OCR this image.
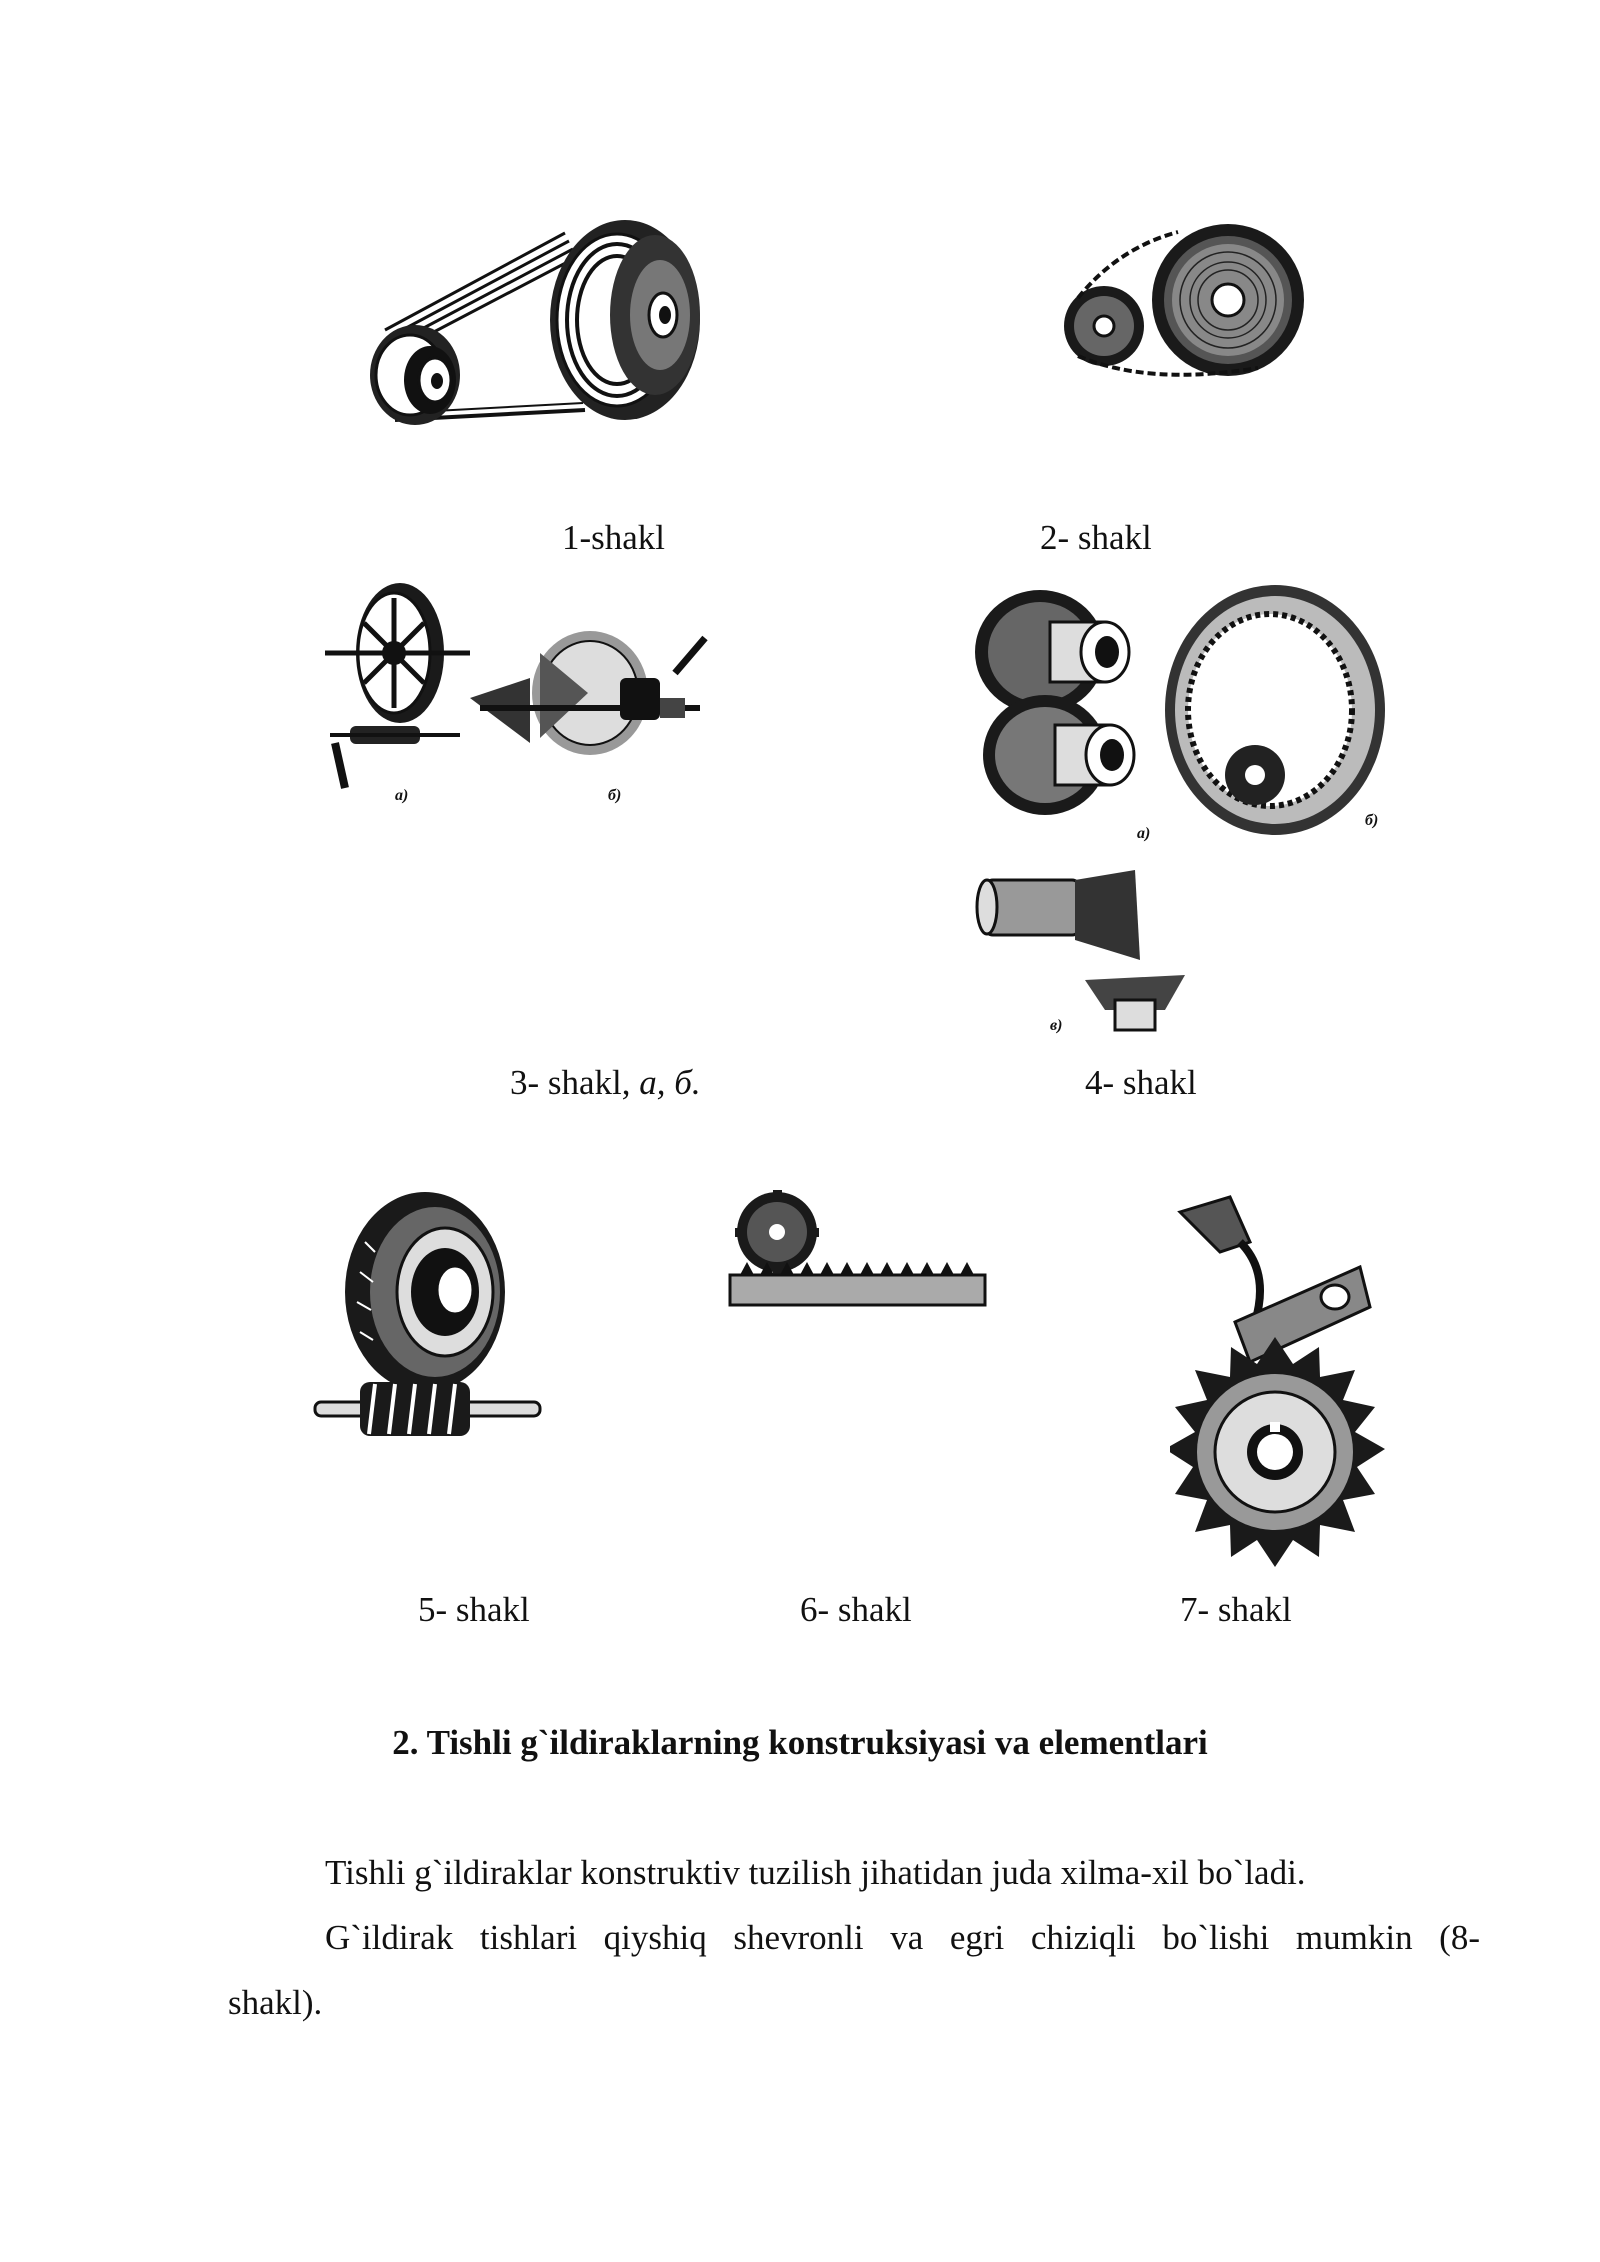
1-shakl	2- shakl
а)	б)
3- shakl, а, б.
а)
б)
в)
4- shakl
5- shakl	6- shakl	7- shakl
2. Tishli g`ildiraklarning konstruksiyasi va elementlari
Tishli g`ildiraklar konstruktiv tuzilish jihatidan juda xilma-xil bo`ladi.
G`ildirak tishlari qiyshiq shevronli va egri chiziqli bo`lishi mumkin (8-
shakl).
